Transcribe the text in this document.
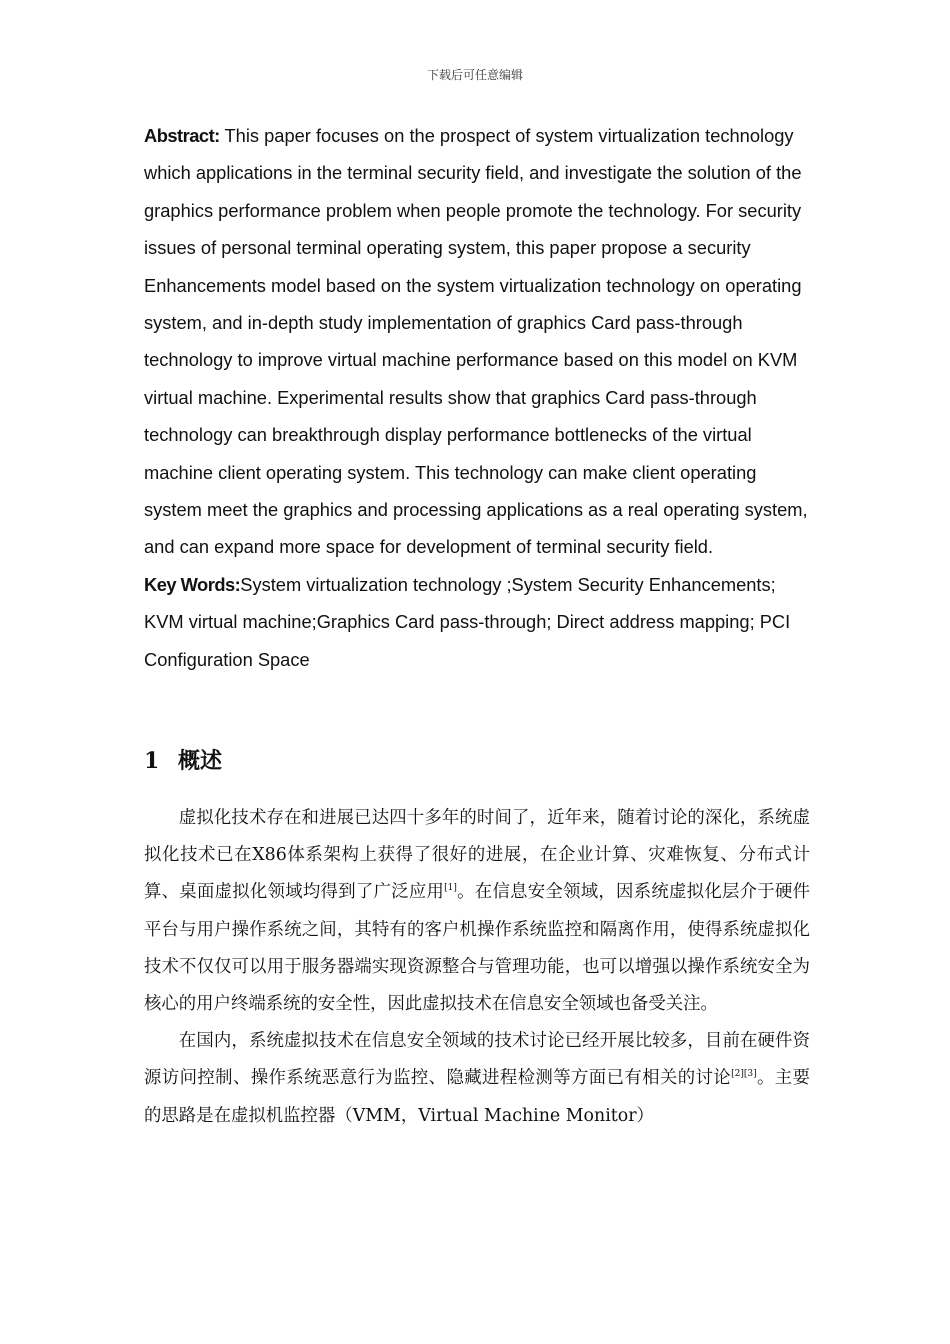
下载后可任意编辑

Abstract: This paper focuses on the prospect of system virtualization technology which applications in the terminal security field, and investigate the solution of the graphics performance problem when people promote the technology. For security issues of personal terminal operating system, this paper propose a security Enhancements model based on the system virtualization technology on operating system, and in-depth study implementation of graphics Card pass-through technology to improve virtual machine performance based on this model on KVM virtual machine. Experimental results show that graphics Card pass-through technology can breakthrough display performance bottlenecks of the virtual machine client operating system. This technology can make client operating system meet the graphics and processing applications as a real operating system, and can expand more space for development of terminal security field.

Key Words:System virtualization technology ;System Security Enhancements; KVM virtual machine;Graphics Card pass-through; Direct address mapping; PCI Configuration Space

1 概述

虚拟化技术存在和进展已达四十多年的时间了，近年来，随着讨论的深化，系统虚拟化技术已在X86体系架构上获得了很好的进展，在企业计算、灾难恢复、分布式计算、桌面虚拟化领域均得到了广泛应用[1]。在信息安全领域，因系统虚拟化层介于硬件平台与用户操作系统之间，其特有的客户机操作系统监控和隔离作用，使得系统虚拟化技术不仅仅可以用于服务器端实现资源整合与管理功能，也可以增强以操作系统安全为核心的用户终端系统的安全性，因此虚拟技术在信息安全领域也备受关注。

在国内，系统虚拟技术在信息安全领域的技术讨论已经开展比较多，目前在硬件资源访问控制、操作系统恶意行为监控、隐藏进程检测等方面已有相关的讨论[2][3]。主要的思路是在虚拟机监控器（VMM，Virtual Machine Monitor）
